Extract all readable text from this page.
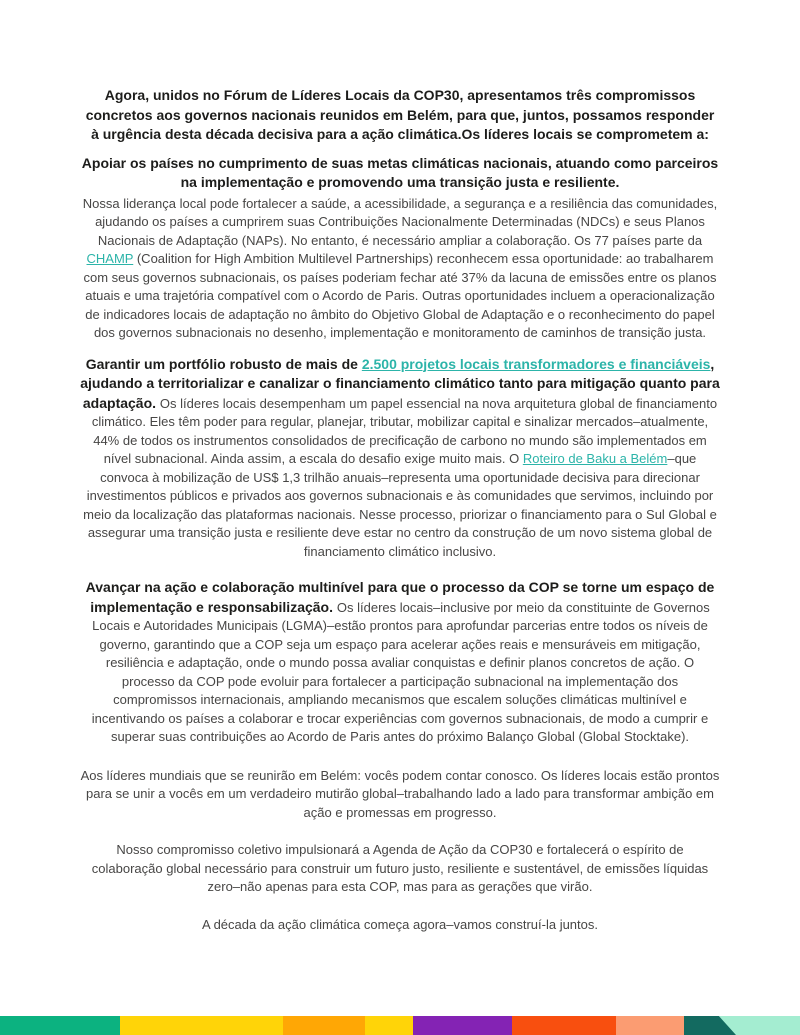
Agora, unidos no Fórum de Líderes Locais da COP30, apresentamos três compromissos concretos aos governos nacionais reunidos em Belém, para que, juntos, possamos responder à urgência desta década decisiva para a ação climática.Os líderes locais se comprometem a:

Apoiar os países no cumprimento de suas metas climáticas nacionais, atuando como parceiros na implementação e promovendo uma transição justa e resiliente.

Nossa liderança local pode fortalecer a saúde, a acessibilidade, a segurança e a resiliência das comunidades, ajudando os países a cumprirem suas Contribuições Nacionalmente Determinadas (NDCs) e seus Planos Nacionais de Adaptação (NAPs). No entanto, é necessário ampliar a colaboração. Os 77 países parte da CHAMP (Coalition for High Ambition Multilevel Partnerships) reconhecem essa oportunidade: ao trabalharem com seus governos subnacionais, os países poderiam fechar até 37% da lacuna de emissões entre os planos atuais e uma trajetória compatível com o Acordo de Paris. Outras oportunidades incluem a operacionalização de indicadores locais de adaptação no âmbito do Objetivo Global de Adaptação e o reconhecimento do papel dos governos subnacionais no desenho, implementação e monitoramento de caminhos de transição justa.

Garantir um portfólio robusto de mais de 2.500 projetos locais transformadores e financiáveis, ajudando a territorializar e canalizar o financiamento climático tanto para mitigação quanto para adaptação. Os líderes locais desempenham um papel essencial na nova arquitetura global de financiamento climático. Eles têm poder para regular, planejar, tributar, mobilizar capital e sinalizar mercados–atualmente, 44% de todos os instrumentos consolidados de precificação de carbono no mundo são implementados em nível subnacional. Ainda assim, a escala do desafio exige muito mais. O Roteiro de Baku a Belém–que convoca à mobilização de US$ 1,3 trilhão anuais–representa uma oportunidade decisiva para direcionar investimentos públicos e privados aos governos subnacionais e às comunidades que servimos, incluindo por meio da localização das plataformas nacionais. Nesse processo, priorizar o financiamento para o Sul Global e assegurar uma transição justa e resiliente deve estar no centro da construção de um novo sistema global de financiamento climático inclusivo.

Avançar na ação e colaboração multinível para que o processo da COP se torne um espaço de implementação e responsabilização. Os líderes locais–inclusive por meio da constituinte de Governos Locais e Autoridades Municipais (LGMA)–estão prontos para aprofundar parcerias entre todos os níveis de governo, garantindo que a COP seja um espaço para acelerar ações reais e mensuráveis em mitigação, resiliência e adaptação, onde o mundo possa avaliar conquistas e definir planos concretos de ação. O processo da COP pode evoluir para fortalecer a participação subnacional na implementação dos compromissos internacionais, ampliando mecanismos que escalem soluções climáticas multinível e incentivando os países a colaborar e trocar experiências com governos subnacionais, de modo a cumprir e superar suas contribuições ao Acordo de Paris antes do próximo Balanço Global (Global Stocktake).

Aos líderes mundiais que se reunirão em Belém: vocês podem contar conosco. Os líderes locais estão prontos para se unir a vocês em um verdadeiro mutirão global–trabalhando lado a lado para transformar ambição em ação e promessas em progresso.

Nosso compromisso coletivo impulsionará a Agenda de Ação da COP30 e fortalecerá o espírito de colaboração global necessário para construir um futuro justo, resiliente e sustentável, de emissões líquidas zero–não apenas para esta COP, mas para as gerações que virão.

A década da ação climática começa agora–vamos construí-la juntos.
